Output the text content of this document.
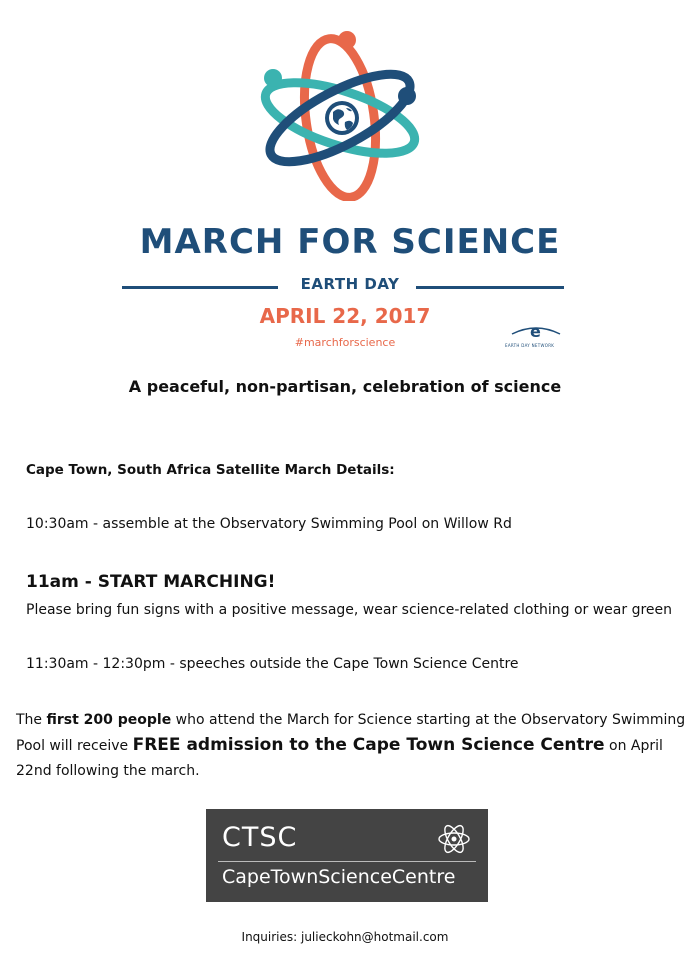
MARCH FOR SCIENCE
EARTH DAY
APRIL 22, 2017
#marchforscience
e
EARTH DAY NETWORK
A peaceful, non-partisan, celebration of science
Cape Town, South Africa Satellite March Details:
10:30am - assemble at the Observatory Swimming Pool on Willow Rd
11am - START MARCHING!
Please bring fun signs with a positive message, wear science-related clothing or wear green
11:30am - 12:30pm - speeches outside the Cape Town Science Centre
The first 200 people who attend the March for Science starting at the Observatory Swimming Pool will receive FREE admission to the Cape Town Science Centre on April 22nd following the march.
CTSC
CapeTownScienceCentre
Inquiries: julieckohn@hotmail.com
